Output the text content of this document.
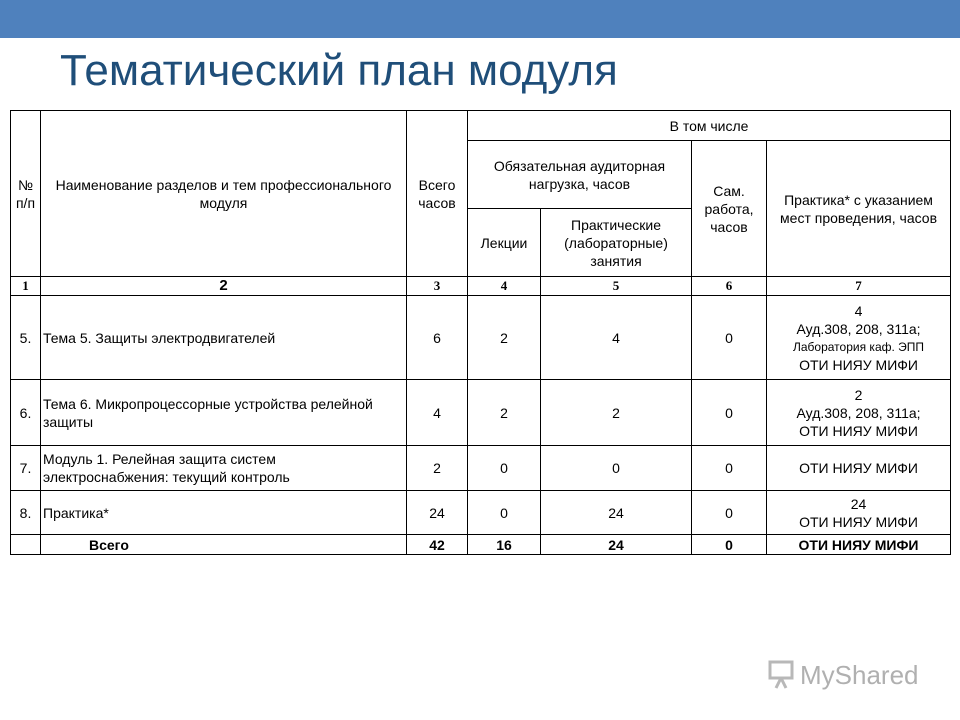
Тематический план модуля
№ п/п	Наименование разделов и тем профессионального модуля	Всего часов	В том числе			
			Обязательная аудиторная нагрузка, часов		Сам. работа, часов	Практика* с указанием мест проведения, часов
			Лекции	Практические (лабораторные) занятия		
1	2	3	4	5	6	7
5.	Тема 5. Защиты электродвигателей	6	2	4	0	4
Ауд.308, 208, 311а;
Лаборатория каф. ЭПП
ОТИ НИЯУ МИФИ

6.	Тема 6. Микропроцессорные устройства релейной защиты	4	2	2	0	2
Ауд.308, 208, 311а;
ОТИ НИЯУ МИФИ

7.	Модуль 1. Релейная защита систем электроснабжения: текущий контроль	2	0	0	0	ОТИ НИЯУ МИФИ

8.	Практика*	24	0	24	0	24
ОТИ НИЯУ МИФИ

	Всего	42	16	24	0	ОТИ НИЯУ МИФИ
MyShared
